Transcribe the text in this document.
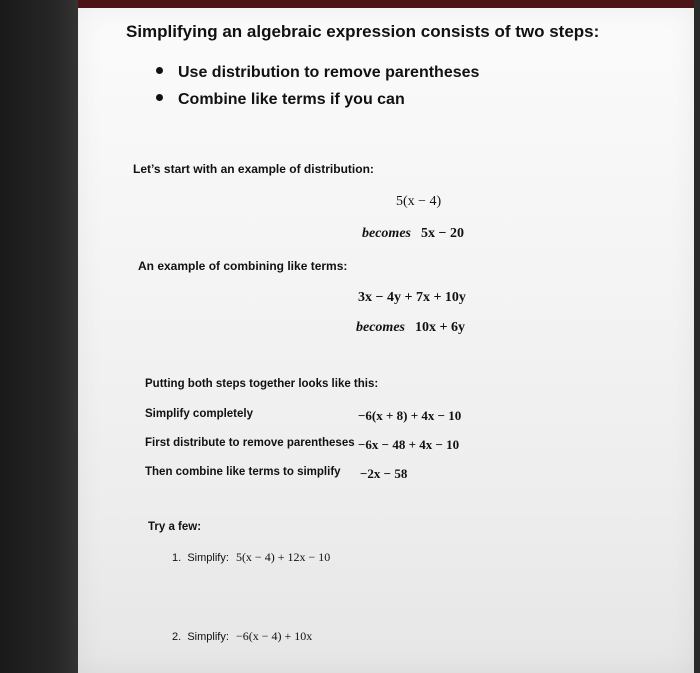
Simplifying an algebraic expression consists of two steps:
Use distribution to remove parentheses
Combine like terms if you can
Let’s start with an example of distribution:
5(x − 4)
becomes 5x − 20
An example of combining like terms:
3x − 4y + 7x + 10y
becomes 10x + 6y
Putting both steps together looks like this:
Simplify completely	−6(x + 8) + 4x − 10
First distribute to remove parentheses −6x − 48 + 4x − 10
Then combine like terms to simplify −2x − 58
Try a few:
1. Simplify: 5(x − 4) + 12x − 10
2. Simplify: −6(x − 4) + 10x
